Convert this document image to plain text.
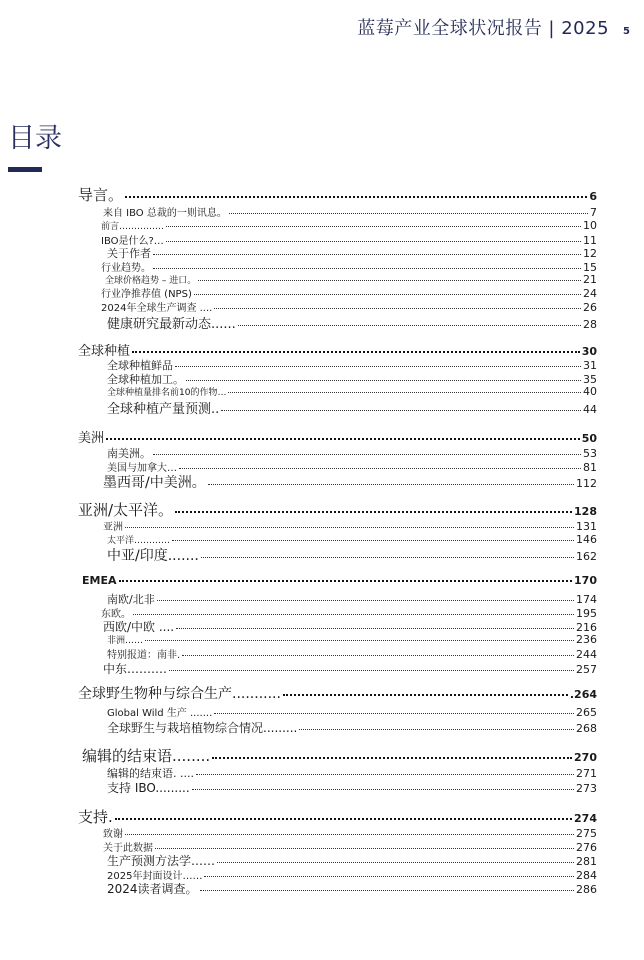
蓝莓产业全球状况报告 | 2025 5
目录
导言。	6
来自 IBO 总裁的一则讯息。	7
前言……………	10
IBO是什么?…	11
关于作者	12
行业趋势。	15
全球价格趋势 – 进口。	21
行业净推荐值 (NPS)	24
2024年全球生产调查 ....	26
健康研究最新动态......	28
全球种植	30
全球种植鲜品	31
全球种植加工。	35
全球种植量排名前10的作物…	40
全球种植产量预测..	44
美洲	50
南美洲。	53
美国与加拿大…	81
墨西哥/中美洲。	112
亚洲/太平洋。	128
亚洲	131
太平洋…………	146
中亚/印度.......	162
EMEA	170
南欧/北非	174
东欧。	195
西欧/中欧 ....	216
非洲……	236
特别报道：南非.	244
中东……….	257
全球野生物种与综合生产...........	.264
Global Wild 生产 .......	265
全球野生与栽培植物综合情况.........	268
编辑的结束语........	270
编辑的结束语. ....	271
支持 IBO.........	273
支持.	274
致谢	275
关于此数据	276
生产预测方法学……	281
2025年封面设计……	284
2024读者调查。	286
